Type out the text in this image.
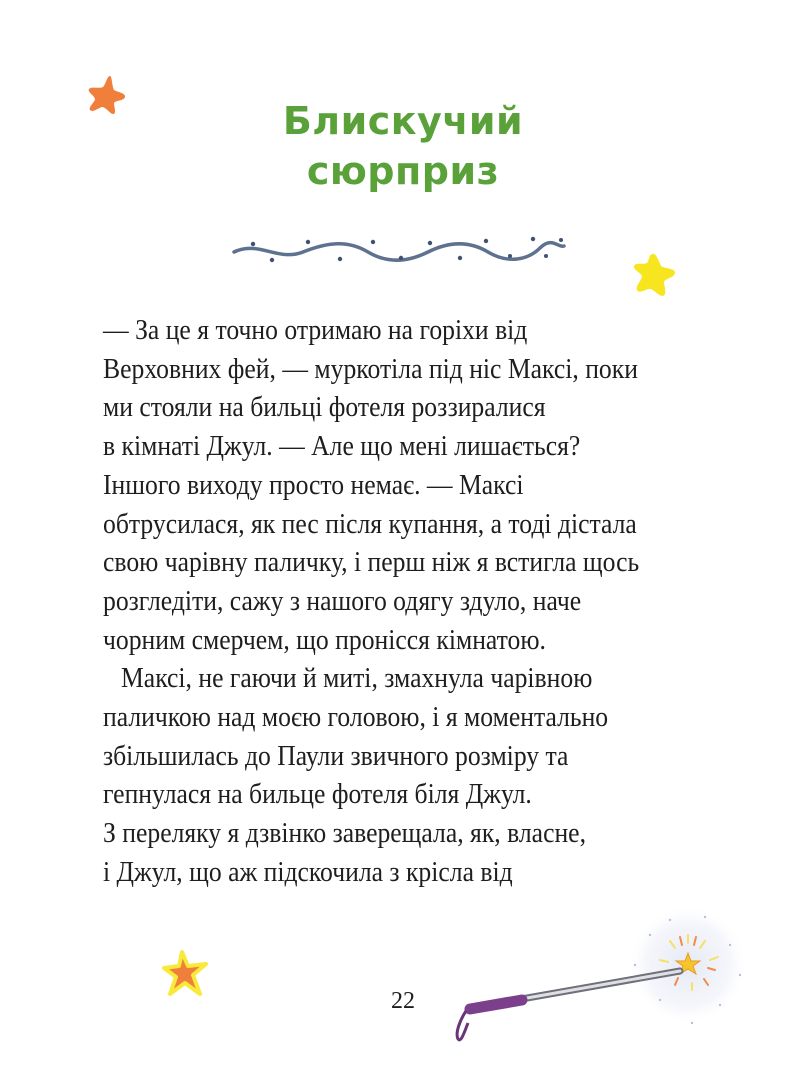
Блискучий
сюрприз
— За це я точно отримаю на горіхи від
Верховних фей, — муркотіла під ніс Максі, поки
ми стояли на бильці фотеля роззиралися
в кімнаті Джул. — Але що мені лишається?
Іншого виходу просто немає. — Максі
обтрусилася, як пес після купання, а тоді дістала
свою чарівну паличку, і перш ніж я встигла щось
розгледіти, сажу з нашого одягу здуло, наче
чорним смерчем, що пронісся кімнатою.
Максі, не гаючи й миті, змахнула чарівною
паличкою над моєю головою, і я моментально
збільшилась до Паули звичного розміру та
гепнулася на бильце фотеля біля Джул.
З переляку я дзвінко заверещала, як, власне,
і Джул, що аж підскочила з крісла від
22
